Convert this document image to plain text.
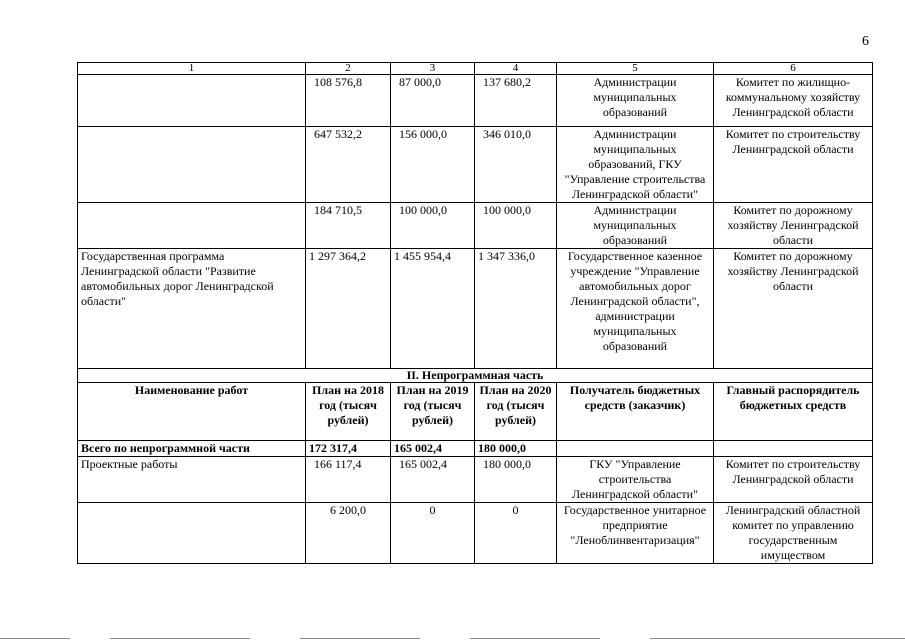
6
1	2	3	4	5	6
	108 576,8	87 000,0	137 680,2	Администрации муниципальных образований	Комитет по жилищно-коммунальному хозяйству Ленинградской области
	647 532,2	156 000,0	346 010,0	Администрации муниципальных образований, ГКУ "Управление строительства Ленинградской области"	Комитет по строительству Ленинградской области
	184 710,5	100 000,0	100 000,0	Администрации муниципальных образований	Комитет по дорожному хозяйству Ленинградской области
Государственная программа Ленинградской области "Развитие автомобильных дорог Ленинградской области"	1 297 364,2	1 455 954,4	1 347 336,0	Государственное казенное учреждение "Управление автомобильных дорог Ленинградской области", администрации муниципальных образований	Комитет по дорожному хозяйству Ленинградской области
II. Непрограммная часть					
Наименование работ	План на 2018 год (тысяч рублей)	План на 2019 год (тысяч рублей)	План на 2020 год (тысяч рублей)	Получатель бюджетных средств (заказчик)	Главный распорядитель бюджетных средств
Всего по непрограммной части	172 317,4	165 002,4	180 000,0		
Проектные работы	166 117,4	165 002,4	180 000,0	ГКУ "Управление строительства Ленинградской области"	Комитет по строительству Ленинградской области
	6 200,0	0	0	Государственное унитарное предприятие "Леноблинвентаризация"	Ленинградский областной комитет по управлению государственным имуществом
